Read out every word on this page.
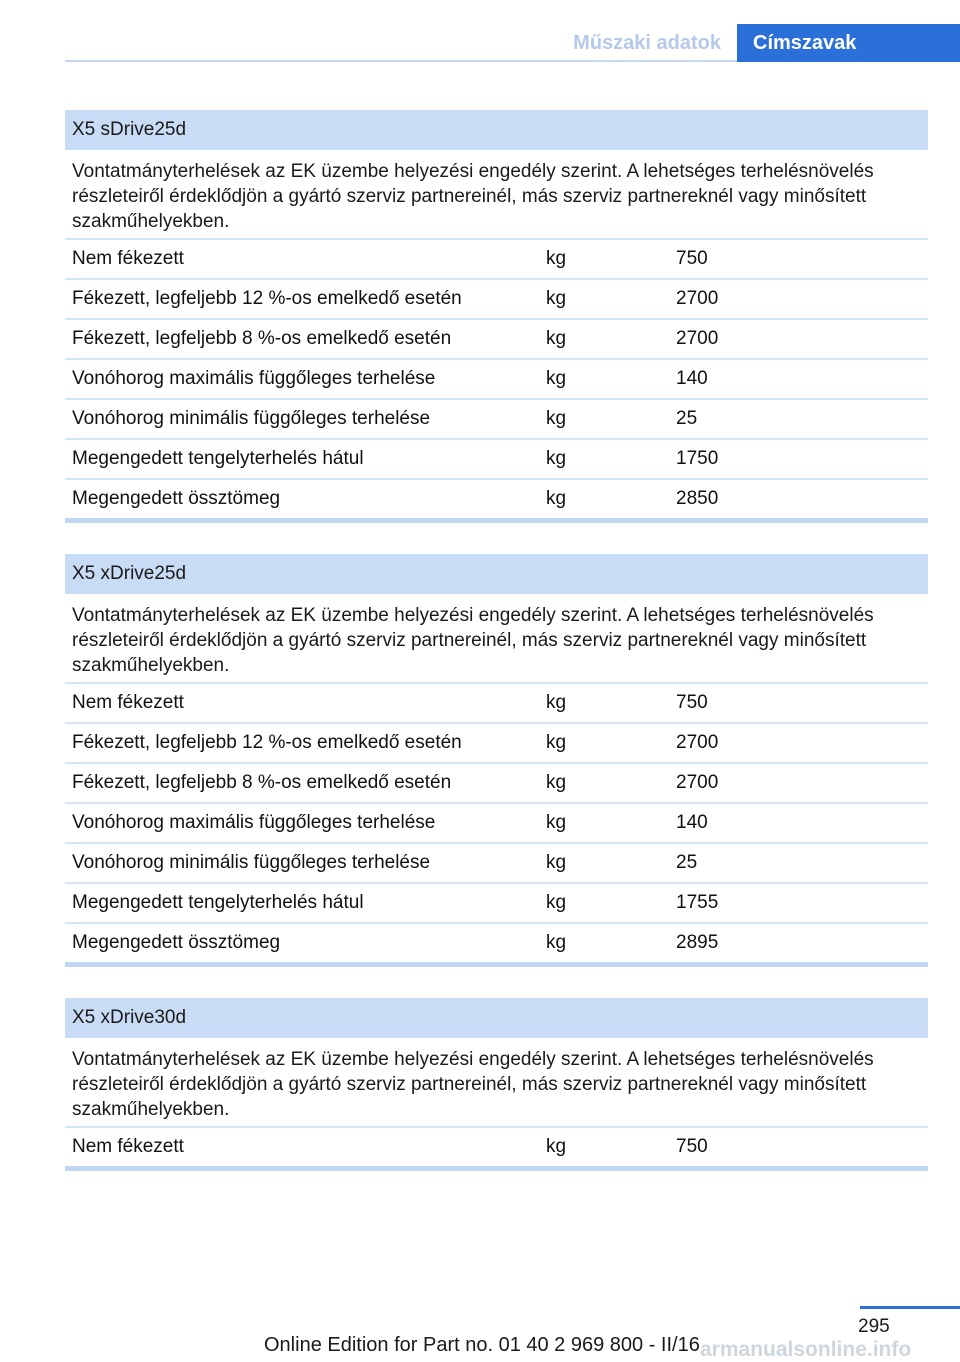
Műszaki adatok	Címszavak
X5 sDrive25d
Vontatmányterhelések az EK üzembe helyezési engedély szerint. A lehetséges terhelésnövelés részleteiről érdeklődjön a gyártó szerviz partnereinél, más szerviz partnereknél vagy minősített szakműhelyekben.
Nem fékezett	kg	750
Fékezett, legfeljebb 12 %-os emelkedő esetén	kg	2700
Fékezett, legfeljebb 8 %-os emelkedő esetén	kg	2700
Vonóhorog maximális függőleges terhelése	kg	140
Vonóhorog minimális függőleges terhelése	kg	25
Megengedett tengelyterhelés hátul	kg	1750
Megengedett össztömeg	kg	2850
X5 xDrive25d
Vontatmányterhelések az EK üzembe helyezési engedély szerint. A lehetséges terhelésnövelés részleteiről érdeklődjön a gyártó szerviz partnereinél, más szerviz partnereknél vagy minősített szakműhelyekben.
Nem fékezett	kg	750
Fékezett, legfeljebb 12 %-os emelkedő esetén	kg	2700
Fékezett, legfeljebb 8 %-os emelkedő esetén	kg	2700
Vonóhorog maximális függőleges terhelése	kg	140
Vonóhorog minimális függőleges terhelése	kg	25
Megengedett tengelyterhelés hátul	kg	1755
Megengedett össztömeg	kg	2895
X5 xDrive30d
Vontatmányterhelések az EK üzembe helyezési engedély szerint. A lehetséges terhelésnövelés részleteiről érdeklődjön a gyártó szerviz partnereinél, más szerviz partnereknél vagy minősített szakműhelyekben.
Nem fékezett	kg	750
295
Online Edition for Part no. 01 40 2 969 800 - II/16 armanualsonline.info
